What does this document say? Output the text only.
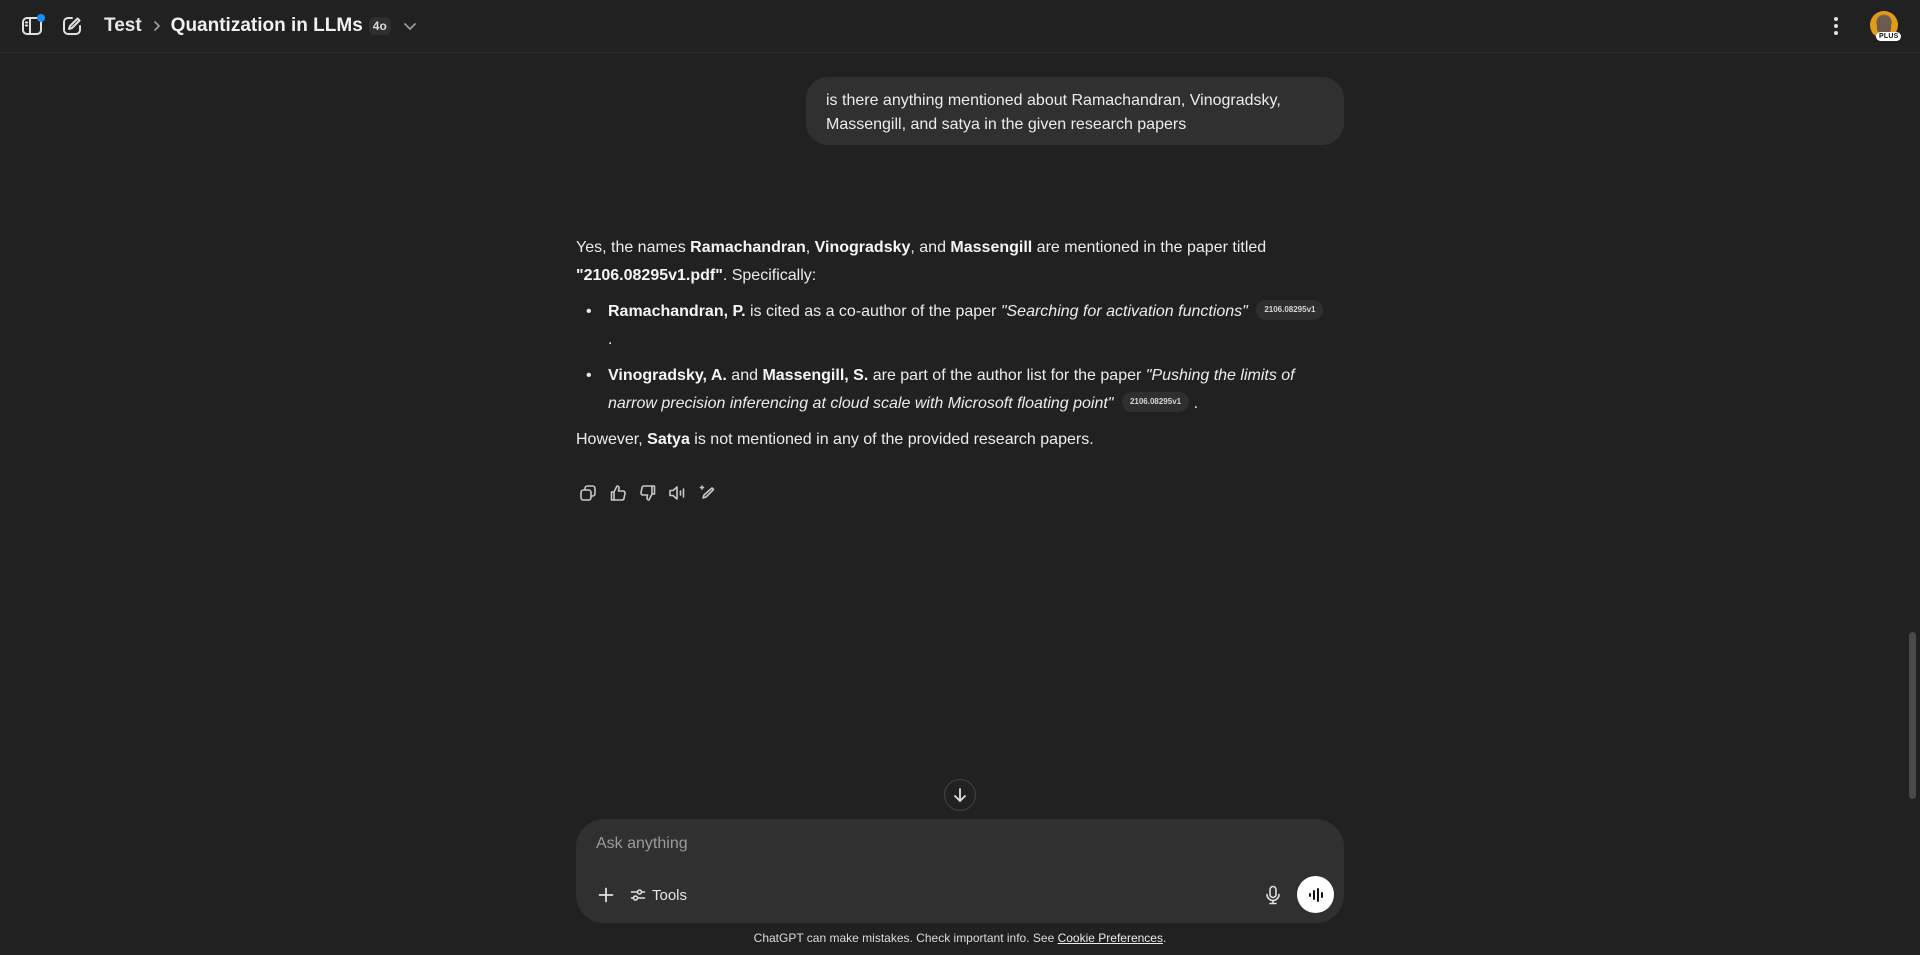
Test Quantization in LLMs 4o
PLUS
is there anything mentioned about Ramachandran, Vinogradsky, Massengill, and satya in the given research papers

Yes, the names Ramachandran, Vinogradsky, and Massengill are mentioned in the paper titled "2106.08295v1.pdf". Specifically:

• Ramachandran, P. is cited as a co-author of the paper "Searching for activation functions" 2106.08295v1
.
• Vinogradsky, A. and Massengill, S. are part of the author list for the paper "Pushing the limits of narrow precision inferencing at cloud scale with Microsoft floating point" 2106.08295v1 .

However, Satya is not mentioned in any of the provided research papers.

Ask anything
Tools
ChatGPT can make mistakes. Check important info. See Cookie Preferences.
